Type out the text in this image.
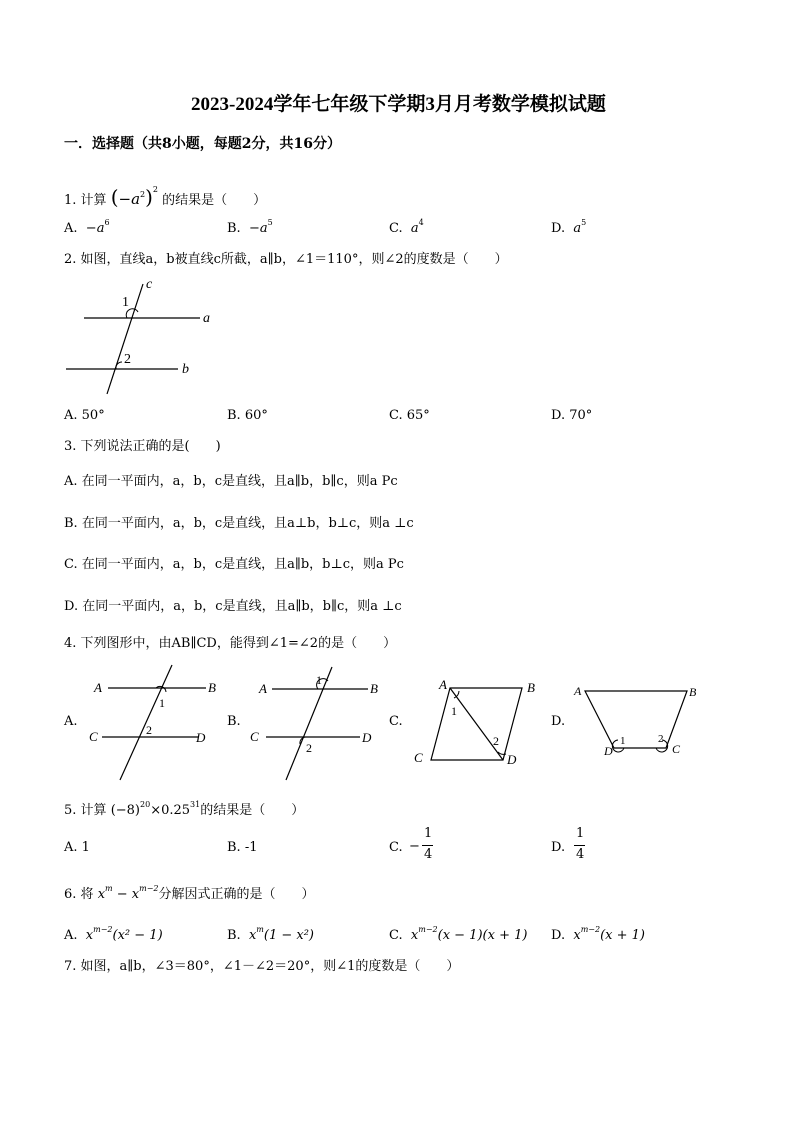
2023-2024学年七年级下学期3月月考数学模拟试题
一．选择题（共8小题，每题2分，共16分）
1. 计算 $(-a^2)^2$ 的结果是（　　）
A. $-a^6$	B. $-a^5$	C. $a^4$	D. $a^5$
2. 如图，直线a，b被直线c所截，a∥b，∠1＝110°，则∠2的度数是（　　）
c
a
b
1
2
A. 50°	B. 60°	C. 65°	D. 70°
3. 下列说法正确的是(　　)
A. 在同一平面内，a，b，c是直线，且a∥b，b∥c，则a Pc
B. 在同一平面内，a，b，c是直线，且a⊥b，b⊥c，则a ⊥c
C. 在同一平面内，a，b，c是直线，且a∥b，b⊥c，则a Pc
D. 在同一平面内，a，b，c是直线，且a∥b，b∥c，则a ⊥c
4. 下列图形中，由AB∥CD，能得到∠1=∠2的是（　　）
A.
A	B
C	D
1
2
B.
A	B
C	D
1
2
C.
A	B
C	D
1
2
D.
A	B
D	C
1	2
5. 计算 $(-8)^{20}\times 0.25^{31}$的结果是（　　）
A. 1	B. -1	C. −
1
4	D.
1
4
6. 将 $x^m - x^{m-2}$分解因式正确的是（　　）
A. $x^{m-2}(x^2 - 1)$	B. $x^m(1 - x^2)$	C. $x^{m-2}(x - 1)(x + 1)$ D. $x^{m-2}(x + 1)$
7. 如图，a∥b，∠3＝80°，∠1－∠2＝20°，则∠1的度数是（　　）
